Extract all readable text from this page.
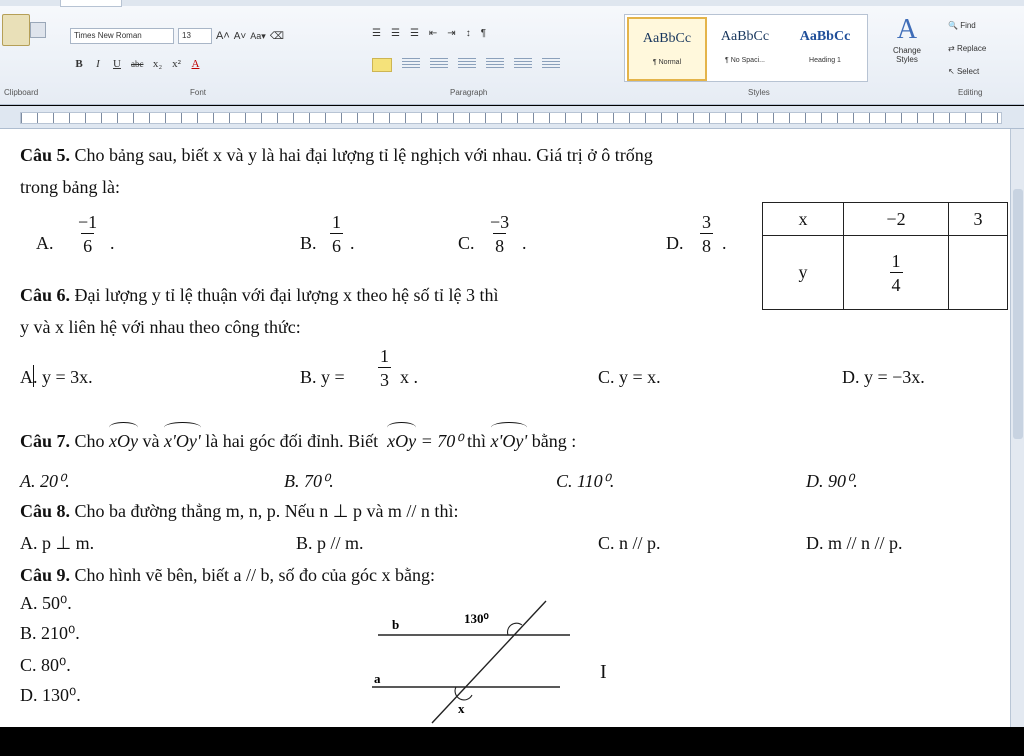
Clipboard
Times New Roman	13	A˄ A˅ Aa▾ ⌫
B I U abc x₂ x² A
Font
☰ ☰ ☰ ⇤ ⇥ ↕ ¶
Paragraph
AaBbCc
¶ Normal
AaBbCc
¶ No Spaci...
AaBbCc
Heading 1
A
Change Styles
Styles
🔍 Find
⇄ Replace
↖ Select
Editing
Câu 5. Cho bảng sau, biết x và y là hai đại lượng tỉ lệ nghịch với nhau. Giá trị ở ô trống
trong bảng là:
A. $\frac{-1}{6}$ .	B. $\frac{1}{6}$ .	C. $\frac{-3}{8}$ .	D. $\frac{3}{8}$ .
x	−2	3
y	$\frac{1}{4}$

Câu 6. Đại lượng y tỉ lệ thuận với đại lượng x theo hệ số tỉ lệ 3 thì
y và x liên hệ với nhau theo công thức:
A. y = 3x.	B. $y = \frac{1}{3}$ x .	C. y = x.	D. y = −3x.
Câu 7. Cho xOy và x'Oy' là hai góc đối đỉnh. Biết xOy = 70⁰ thì x'Oy' bằng :
A. 20⁰.	B. 70⁰.	C. 110⁰.	D. 90⁰.
Câu 8. Cho ba đường thẳng m, n, p. Nếu n ⊥ p và m // n thì:
A. p ⊥ m.	B. p // m.	C. n // p.	D. m // n // p.
Câu 9. Cho hình vẽ bên, biết a // b, số đo của góc x bằng:
A. 50⁰.
B. 210⁰.
C. 80⁰.
D. 130⁰.
b
a
130⁰
x
I
